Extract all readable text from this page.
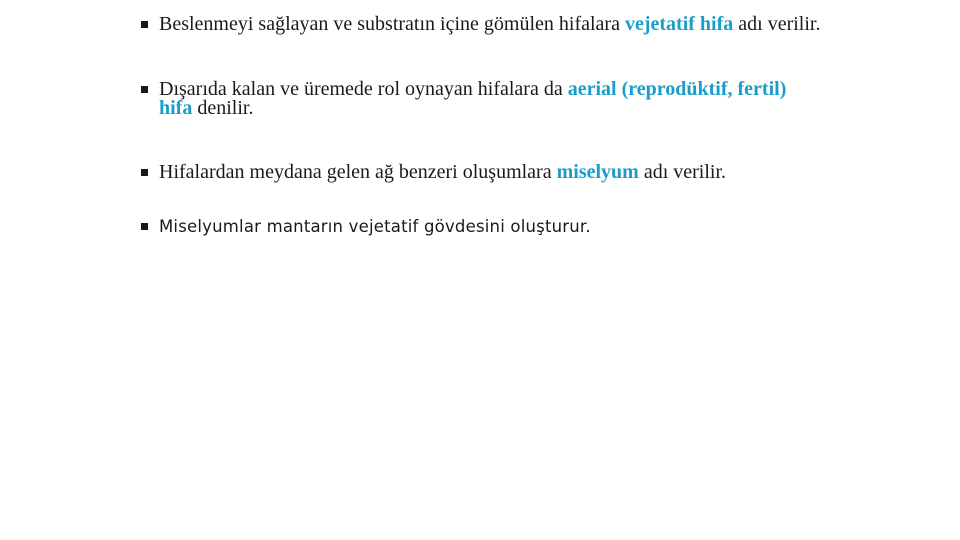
Beslenmeyi sağlayan ve substratın içine gömülen hifalara vejetatif hifa adı verilir.
Dışarıda kalan ve üremede rol oynayan hifalara da aerial (reprodüktif, fertil) hifa denilir.
Hifalardan meydana gelen ağ benzeri oluşumlara miselyum adı verilir.
Miselyumlar mantarın vejetatif gövdesini oluşturur.
